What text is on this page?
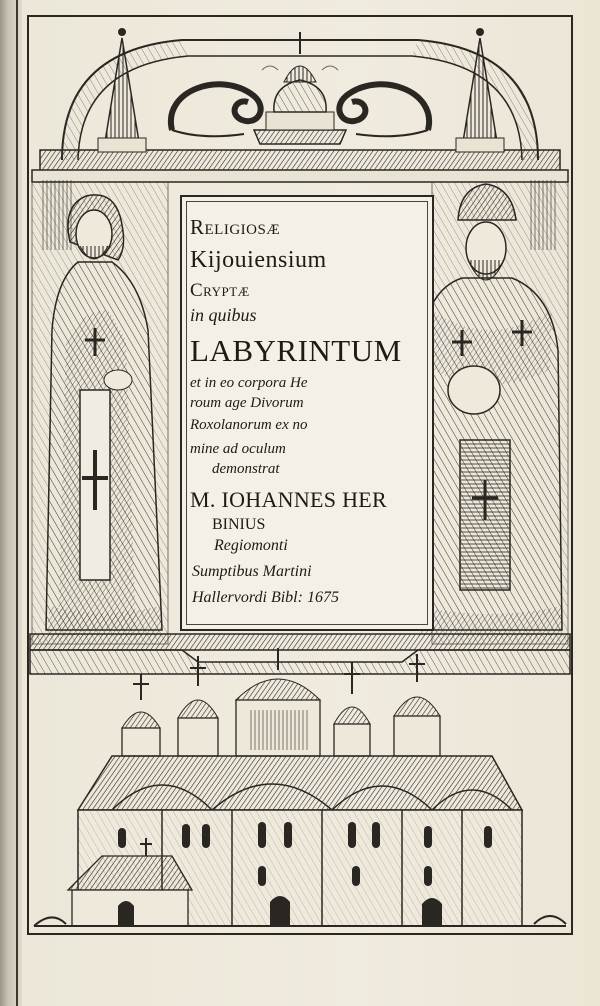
Religiosæ
Kijouiensium
Cryptæ
in quibus
LABYRINTUM
et in eo corpora He
roum age Divorum
Roxolanorum ex no
mine ad oculum
demonstrat
M. IOHANNES HER
BINIUS
Regiomonti
Sumptibus Martini
Hallervordi Bibl: 1675
